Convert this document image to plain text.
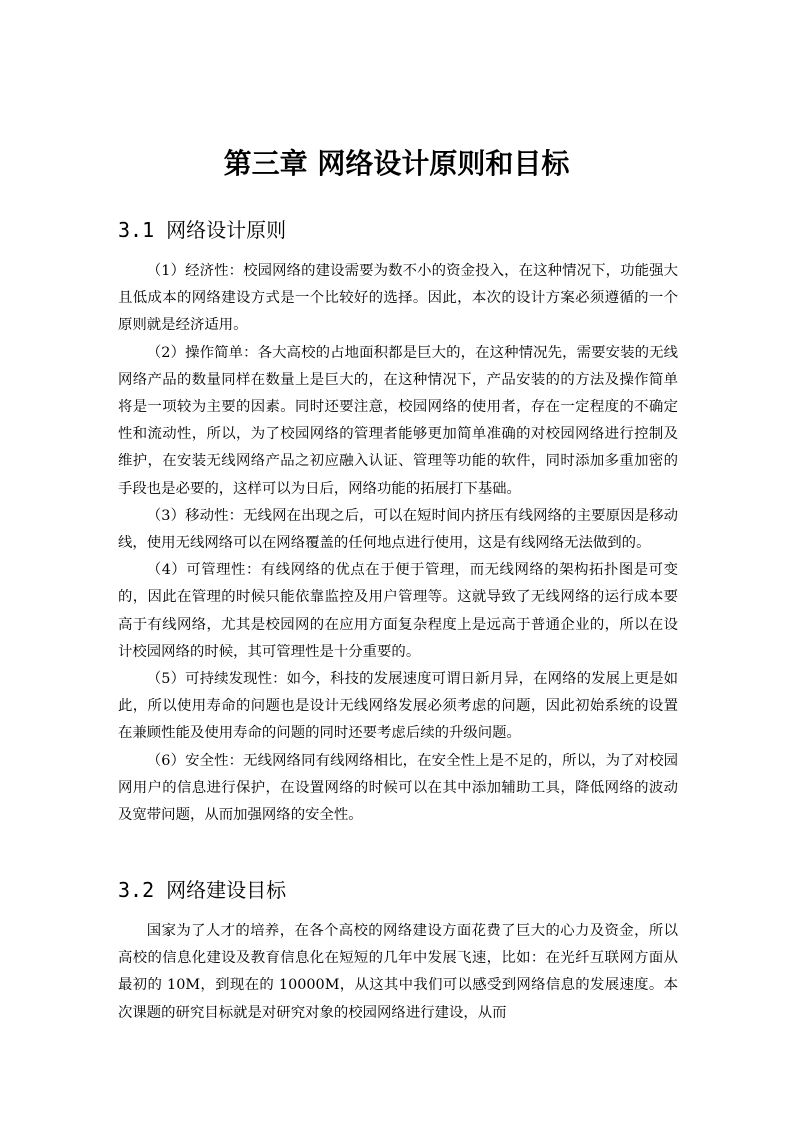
第三章 网络设计原则和目标
3.1 网络设计原则

（1）经济性：校园网络的建设需要为数不小的资金投入，在这种情况下，功能强大且低成本的网络建设方式是一个比较好的选择。因此，本次的设计方案必须遵循的一个原则就是经济适用。

（2）操作简单：各大高校的占地面积都是巨大的，在这种情况先，需要安装的无线网络产品的数量同样在数量上是巨大的，在这种情况下，产品安装的的方法及操作简单将是一项较为主要的因素。同时还要注意，校园网络的使用者，存在一定程度的不确定性和流动性，所以，为了校园网络的管理者能够更加简单准确的对校园网络进行控制及维护，在安装无线网络产品之初应融入认证、管理等功能的软件，同时添加多重加密的手段也是必要的，这样可以为日后，网络功能的拓展打下基础。

（3）移动性：无线网在出现之后，可以在短时间内挤压有线网络的主要原因是移动线，使用无线网络可以在网络覆盖的任何地点进行使用，这是有线网络无法做到的。

（4）可管理性：有线网络的优点在于便于管理，而无线网络的架构拓扑图是可变的，因此在管理的时候只能依靠监控及用户管理等。这就导致了无线网络的运行成本要高于有线网络，尤其是校园网的在应用方面复杂程度上是远高于普通企业的，所以在设计校园网络的时候，其可管理性是十分重要的。

（5）可持续发现性：如今，科技的发展速度可谓日新月异，在网络的发展上更是如此，所以使用寿命的问题也是设计无线网络发展必须考虑的问题，因此初始系统的设置在兼顾性能及使用寿命的问题的同时还要考虑后续的升级问题。

（6）安全性：无线网络同有线网络相比，在安全性上是不足的，所以，为了对校园网用户的信息进行保护，在设置网络的时候可以在其中添加辅助工具，降低网络的波动及宽带问题，从而加强网络的安全性。

3.2 网络建设目标

国家为了人才的培养，在各个高校的网络建设方面花费了巨大的心力及资金，所以高校的信息化建设及教育信息化在短短的几年中发展飞速，比如：在光纤互联网方面从最初的 10M，到现在的 10000M，从这其中我们可以感受到网络信息的发展速度。本次课题的研究目标就是对研究对象的校园网络进行建设，从而
